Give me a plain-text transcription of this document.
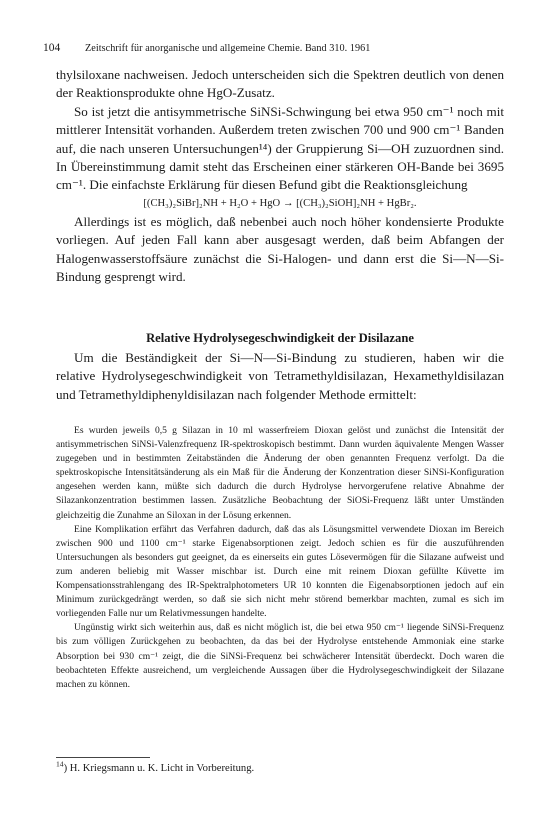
104 Zeitschrift für anorganische und allgemeine Chemie. Band 310. 1961

thylsiloxane nachweisen. Jedoch unterscheiden sich die Spektren deutlich von denen der Reaktionsprodukte ohne HgO-Zusatz.

So ist jetzt die antisymmetrische SiNSi-Schwingung bei etwa 950 cm⁻¹ noch mit mittlerer Intensität vorhanden. Außerdem treten zwischen 700 und 900 cm⁻¹ Banden auf, die nach unseren Untersuchungen¹⁴) der Gruppierung Si—OH zuzuordnen sind. In Übereinstimmung damit steht das Erscheinen einer stärkeren OH-Bande bei 3695 cm⁻¹. Die einfachste Erklärung für diesen Befund gibt die Reaktionsgleichung

[(CH₃)₂SiBr]₂NH + H₂O + HgO → [(CH₃)₂SiOH]₂NH + HgBr₂.

Allerdings ist es möglich, daß nebenbei auch noch höher kondensierte Produkte vorliegen. Auf jeden Fall kann aber ausgesagt werden, daß beim Abfangen der Halogenwasserstoffsäure zunächst die Si-Halogen- und dann erst die Si—N—Si-Bindung gesprengt wird.

Relative Hydrolysegeschwindigkeit der Disilazane

Um die Beständigkeit der Si—N—Si-Bindung zu studieren, haben wir die relative Hydrolysegeschwindigkeit von Tetramethyldisilazan, Hexamethyldisilazan und Tetramethyldiphenyldisilazan nach folgender Methode ermittelt:

Es wurden jeweils 0,5 g Silazan in 10 ml wasserfreiem Dioxan gelöst und zunächst die Intensität der antisymmetrischen SiNSi-Valenzfrequenz IR-spektroskopisch bestimmt. Dann wurden äquivalente Mengen Wasser zugegeben und in bestimmten Zeitabständen die Änderung der oben genannten Frequenz verfolgt. Da die spektroskopische Intensitätsänderung als ein Maß für die Änderung der Konzentration dieser SiNSi-Konfiguration angesehen werden kann, müßte sich dadurch die durch Hydrolyse hervorgerufene relative Abnahme der Silazankonzentration bestimmen lassen. Zusätzliche Beobachtung der SiOSi-Frequenz läßt unter Umständen gleichzeitig die Zunahme an Siloxan in der Lösung erkennen.

Eine Komplikation erfährt das Verfahren dadurch, daß das als Lösungsmittel verwendete Dioxan im Bereich zwischen 900 und 1100 cm⁻¹ starke Eigenabsorptionen zeigt. Jedoch schien es für die auszuführenden Untersuchungen als besonders gut geeignet, da es einerseits ein gutes Lösevermögen für die Silazane aufweist und zum anderen beliebig mit Wasser mischbar ist. Durch eine mit reinem Dioxan gefüllte Küvette im Kompensationsstrahlengang des IR-Spektralphotometers UR 10 konnten die Eigenabsorptionen jedoch auf ein Minimum zurückgedrängt werden, so daß sie sich nicht mehr störend bemerkbar machten, zumal es sich im vorliegenden Falle nur um Relativmessungen handelte.

Ungünstig wirkt sich weiterhin aus, daß es nicht möglich ist, die bei etwa 950 cm⁻¹ liegende SiNSi-Frequenz bis zum völligen Zurückgehen zu beobachten, da das bei der Hydrolyse entstehende Ammoniak eine starke Absorption bei 930 cm⁻¹ zeigt, die die SiNSi-Frequenz bei schwächerer Intensität überdeckt. Doch waren die beobachteten Effekte ausreichend, um vergleichende Aussagen über die Hydrolysegeschwindigkeit der Silazane machen zu können.

$^{14}$) H. Kriegsmann u. K. Licht in Vorbereitung.
